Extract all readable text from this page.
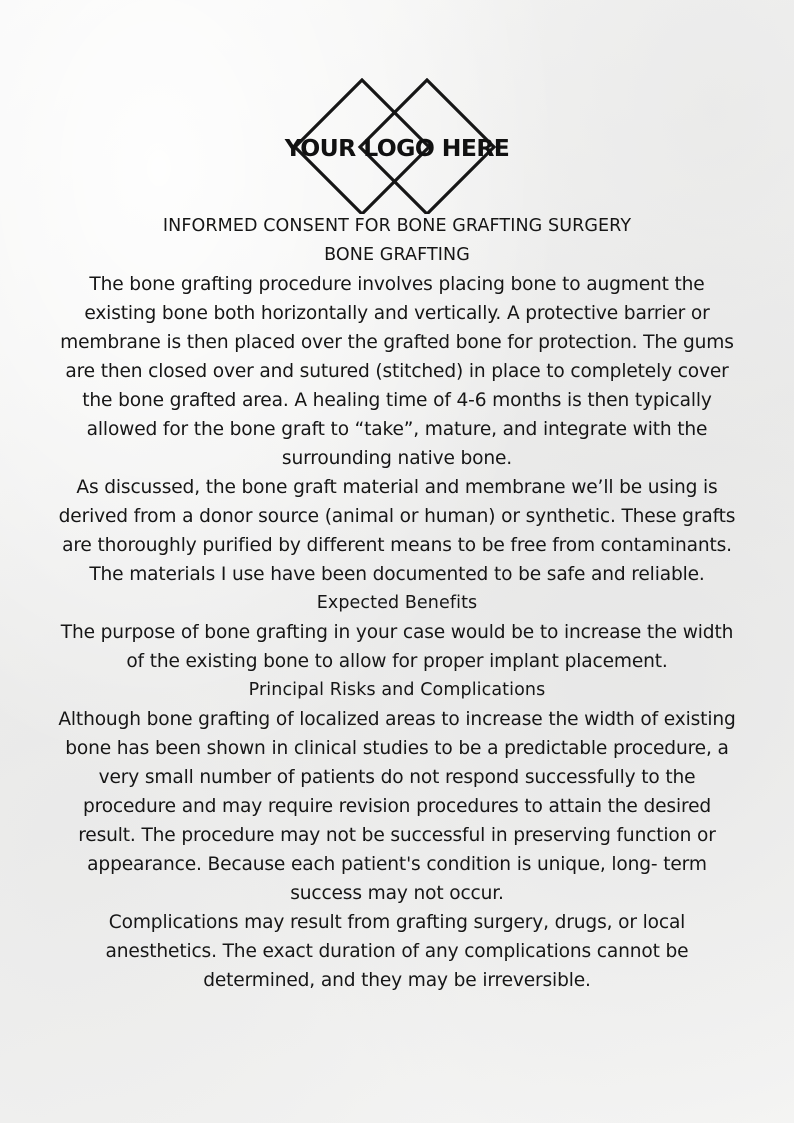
YOUR LOGO HERE

INFORMED CONSENT FOR BONE GRAFTING SURGERY

BONE GRAFTING

The bone grafting procedure involves placing bone to augment the existing bone both horizontally and vertically. A protective barrier or membrane is then placed over the grafted bone for protection. The gums are then closed over and sutured (stitched) in place to completely cover the bone grafted area. A healing time of 4-6 months is then typically allowed for the bone graft to “take”, mature, and integrate with the surrounding native bone.

As discussed, the bone graft material and membrane we’ll be using is derived from a donor source (animal or human) or synthetic. These grafts are thoroughly purified by different means to be free from contaminants. The materials I use have been documented to be safe and reliable.

Expected Benefits

The purpose of bone grafting in your case would be to increase the width of the existing bone to allow for proper implant placement.

Principal Risks and Complications

Although bone grafting of localized areas to increase the width of existing bone has been shown in clinical studies to be a predictable procedure, a very small number of patients do not respond successfully to the procedure and may require revision procedures to attain the desired result. The procedure may not be successful in preserving function or appearance. Because each patient's condition is unique, long- term success may not occur.

Complications may result from grafting surgery, drugs, or local anesthetics. The exact duration of any complications cannot be determined, and they may be irreversible.
